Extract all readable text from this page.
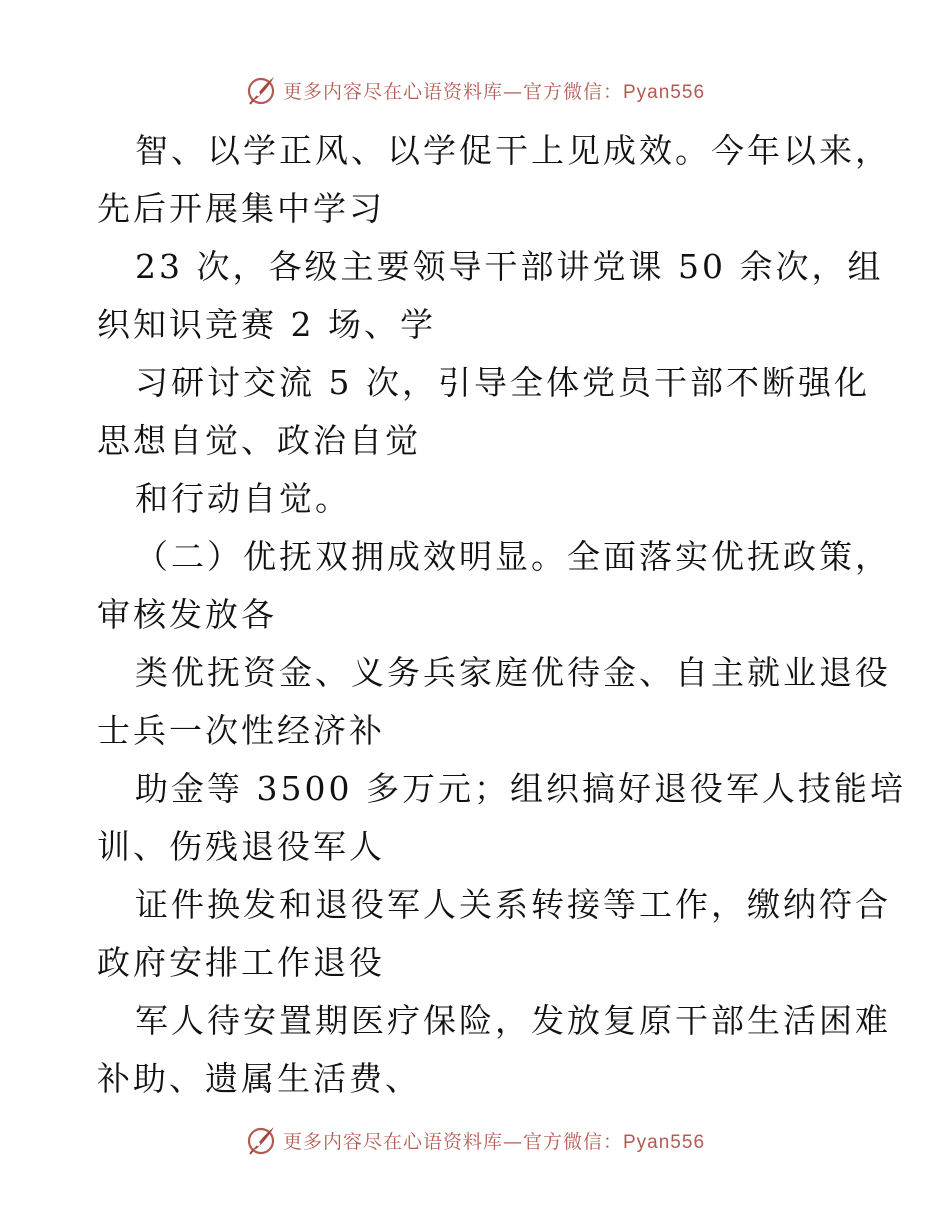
更多内容尽在心语资料库—官方微信：Pyan556
智、以学正风、以学促干上见成效。今年以来，
先后开展集中学习
23 次，各级主要领导干部讲党课 50 余次，组
织知识竞赛 2 场、学
习研讨交流 5 次，引导全体党员干部不断强化
思想自觉、政治自觉
和行动自觉。
（二）优抚双拥成效明显。全面落实优抚政策，
审核发放各
类优抚资金、义务兵家庭优待金、自主就业退役
士兵一次性经济补
助金等 3500 多万元；组织搞好退役军人技能培
训、伤残退役军人
证件换发和退役军人关系转接等工作，缴纳符合
政府安排工作退役
军人待安置期医疗保险，发放复原干部生活困难
补助、遗属生活费、
更多内容尽在心语资料库—官方微信：Pyan556
